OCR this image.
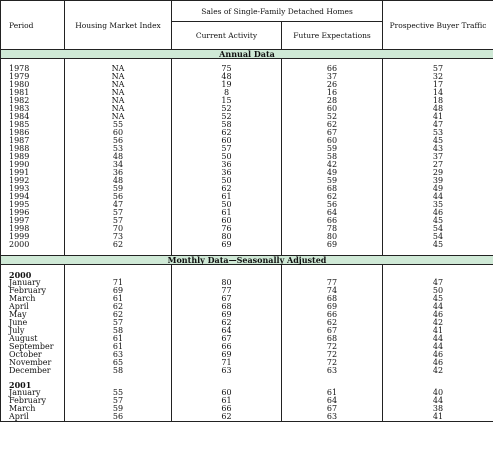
Period	Housing Market Index	Sales of Single-Family Detached Homes		Prospective Buyer Traffic
		Current Activity	Future Expectations	
Annual Data				

1978	NA	75	66	57
1979	NA	48	37	32
1980	NA	19	26	17
1981	NA	8	16	14
1982	NA	15	28	18
1983	NA	52	60	48
1984	NA	52	52	41
1985	55	58	62	47
1986	60	62	67	53
1987	56	60	60	45
1988	53	57	59	43
1989	48	50	58	37
1990	34	36	42	27
1991	36	36	49	29
1992	48	50	59	39
1993	59	62	68	49
1994	56	61	62	44
1995	47	50	56	35
1996	57	61	64	46
1997	57	60	66	45
1998	70	76	78	54
1999	73	80	80	54
2000	62	69	69	45

Monthly Data—Seasonally Adjusted				

2000				
January	71	80	77	47
February	69	77	74	50
March	61	67	68	45
April	62	68	69	44
May	62	69	66	46
June	57	62	62	42
July	58	64	67	41
August	61	67	68	44
September	61	66	72	44
October	63	69	72	46
November	65	71	72	46
December	58	63	63	42

2001				
January	55	60	61	40
February	57	61	64	44
March	59	66	67	38
April	56	62	63	41
